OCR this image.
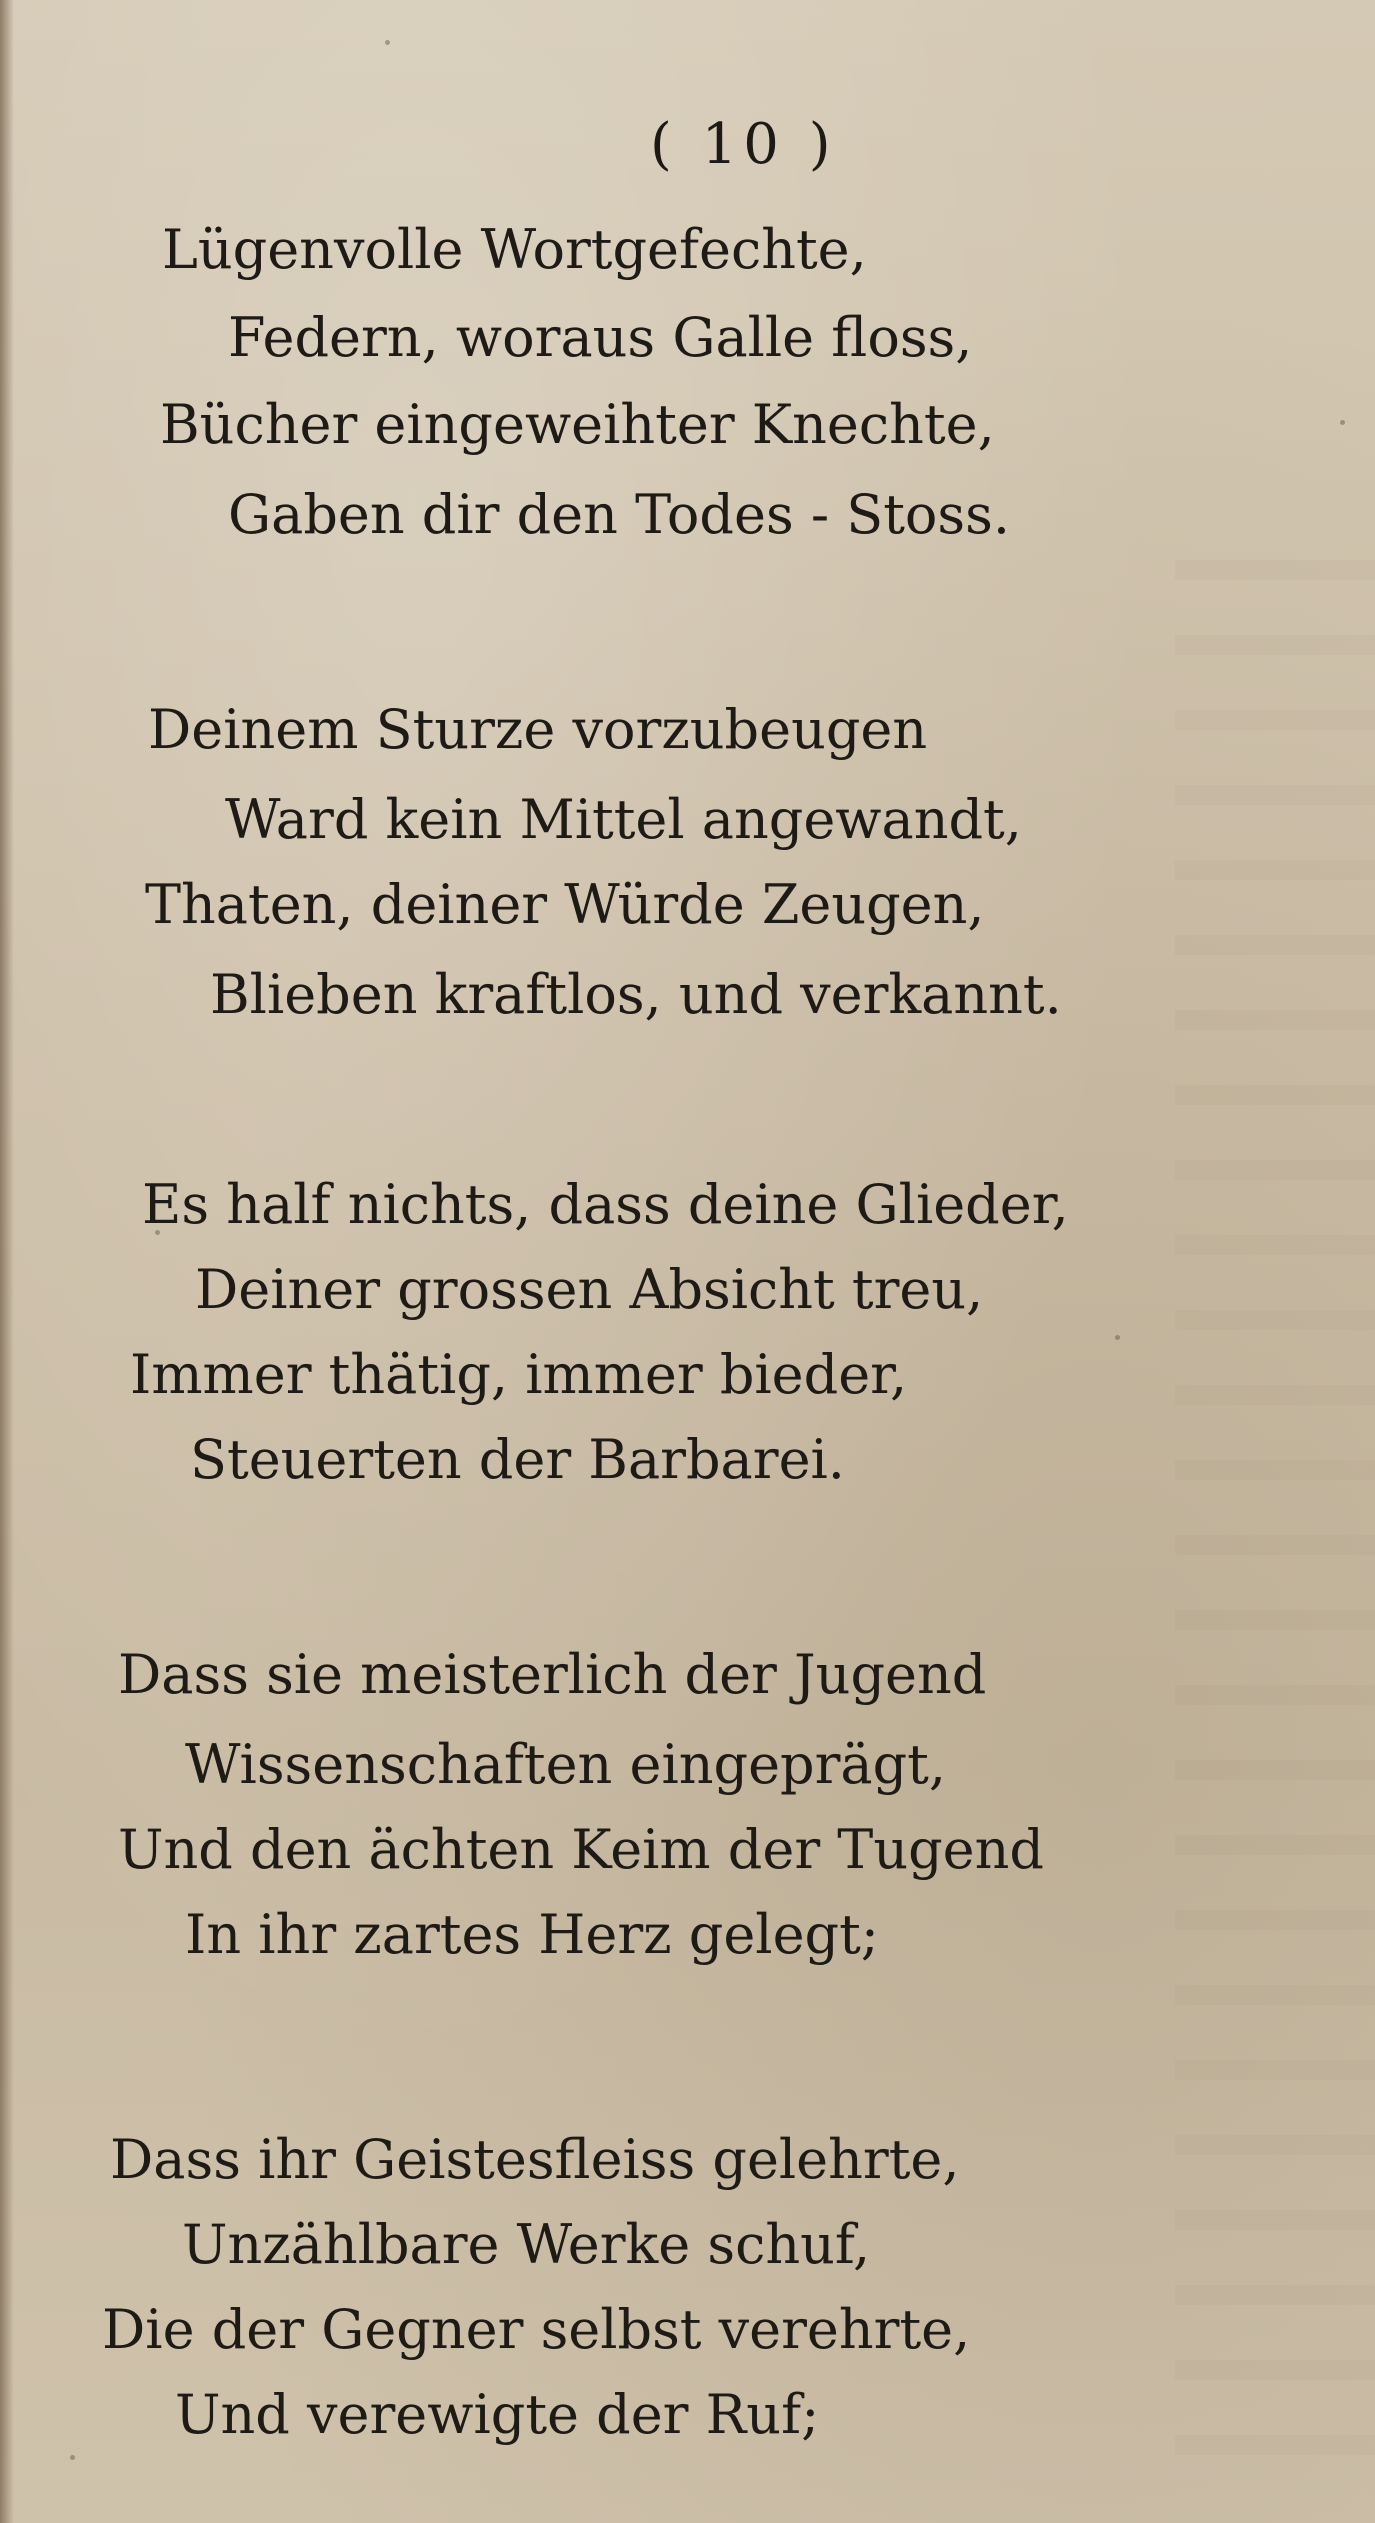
( 10 )

Lügenvolle Wortgefechte,

Federn, woraus Galle floss,

Bücher eingeweihter Knechte,

Gaben dir den Todes - Stoss.

Deinem Sturze vorzubeugen

Ward kein Mittel angewandt,

Thaten, deiner Würde Zeugen,

Blieben kraftlos, und verkannt.

Es half nichts, dass deine Glieder,

Deiner grossen Absicht treu,

Immer thätig, immer bieder,

Steuerten der Barbarei.

Dass sie meisterlich der Jugend

Wissenschaften eingeprägt,

Und den ächten Keim der Tugend

In ihr zartes Herz gelegt;

Dass ihr Geistesfleiss gelehrte,

Unzählbare Werke schuf,

Die der Gegner selbst verehrte,

Und verewigte der Ruf;
